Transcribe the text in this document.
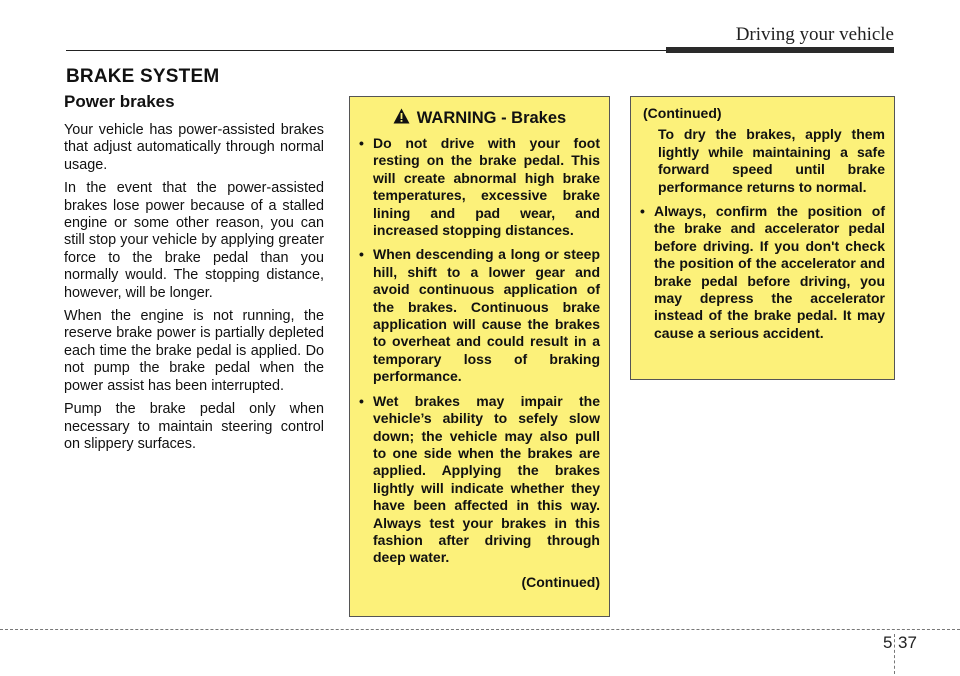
Driving your vehicle
BRAKE SYSTEM
Power brakes

Your vehicle has power-assisted brakes that adjust automatically through normal usage.

In the event that the power-assisted brakes lose power because of a stalled engine or some other reason, you can still stop your vehicle by applying greater force to the brake pedal than you normally would. The stopping distance, however, will be longer.

When the engine is not running, the reserve brake power is partially depleted each time the brake pedal is applied. Do not pump the brake pedal when the power assist has been interrupted.

Pump the brake pedal only when necessary to maintain steering control on slippery surfaces.

WARNING - Brakes
• Do not drive with your foot resting on the brake pedal. This will create abnormal high brake temperatures, excessive brake lining and pad wear, and increased stopping distances.
• When descending a long or steep hill, shift to a lower gear and avoid continuous application of the brakes. Continuous brake application will cause the brakes to overheat and could result in a temporary loss of braking performance.
• Wet brakes may impair the vehicle’s ability to sefely slow down; the vehicle may also pull to one side when the brakes are applied. Applying the brakes lightly will indicate whether they have been affected in this way. Always test your brakes in this fashion after driving through deep water.
(Continued)
(Continued)
To dry the brakes, apply them lightly while maintaining a safe forward speed until brake performance returns to normal.
• Always, confirm the position of the brake and accelerator pedal before driving. If you don't check the position of the accelerator and brake pedal before driving, you may depress the accelerator instead of the brake pedal. It may cause a serious accident.
5 37
